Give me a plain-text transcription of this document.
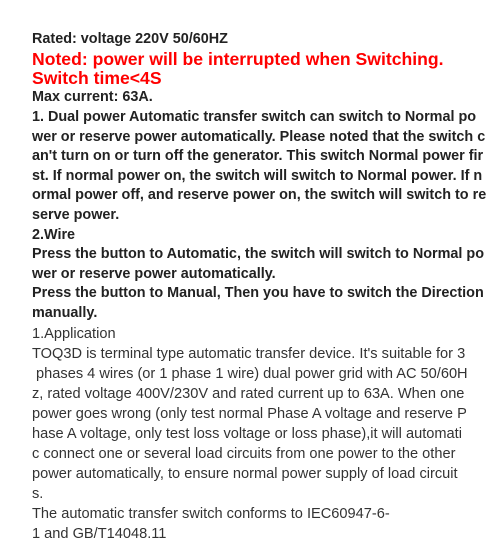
Rated: voltage 220V 50/60HZ

Noted: power will be interrupted when Switching.

Switch time<4S

Max current: 63A.

1. Dual power Automatic transfer switch can switch to Normal po

wer or reserve power automatically. Please noted that the switch c

an't turn on or turn off the generator. This switch Normal power fir

st. If normal power on, the switch will switch to Normal power. If n

ormal power off, and reserve power on, the switch will switch to re

serve power.

2.Wire

Press the button to Automatic, the switch will switch to Normal po

wer or reserve power automatically.

Press the button to Manual, Then you have to switch the Direction

manually.

1.Application

TOQ3D is terminal type automatic transfer device. It's suitable for 3

phases 4 wires (or 1 phase 1 wire) dual power grid with AC 50/60H

z, rated voltage 400V/230V and rated current up to 63A. When one

power goes wrong (only test normal Phase A voltage and reserve P

hase A voltage, only test loss voltage or loss phase),it will automati

c connect one or several load circuits from one power to the other

power automatically, to ensure normal power supply of load circuit

s.

The automatic transfer switch conforms to IEC60947-6-

1 and GB/T14048.11
